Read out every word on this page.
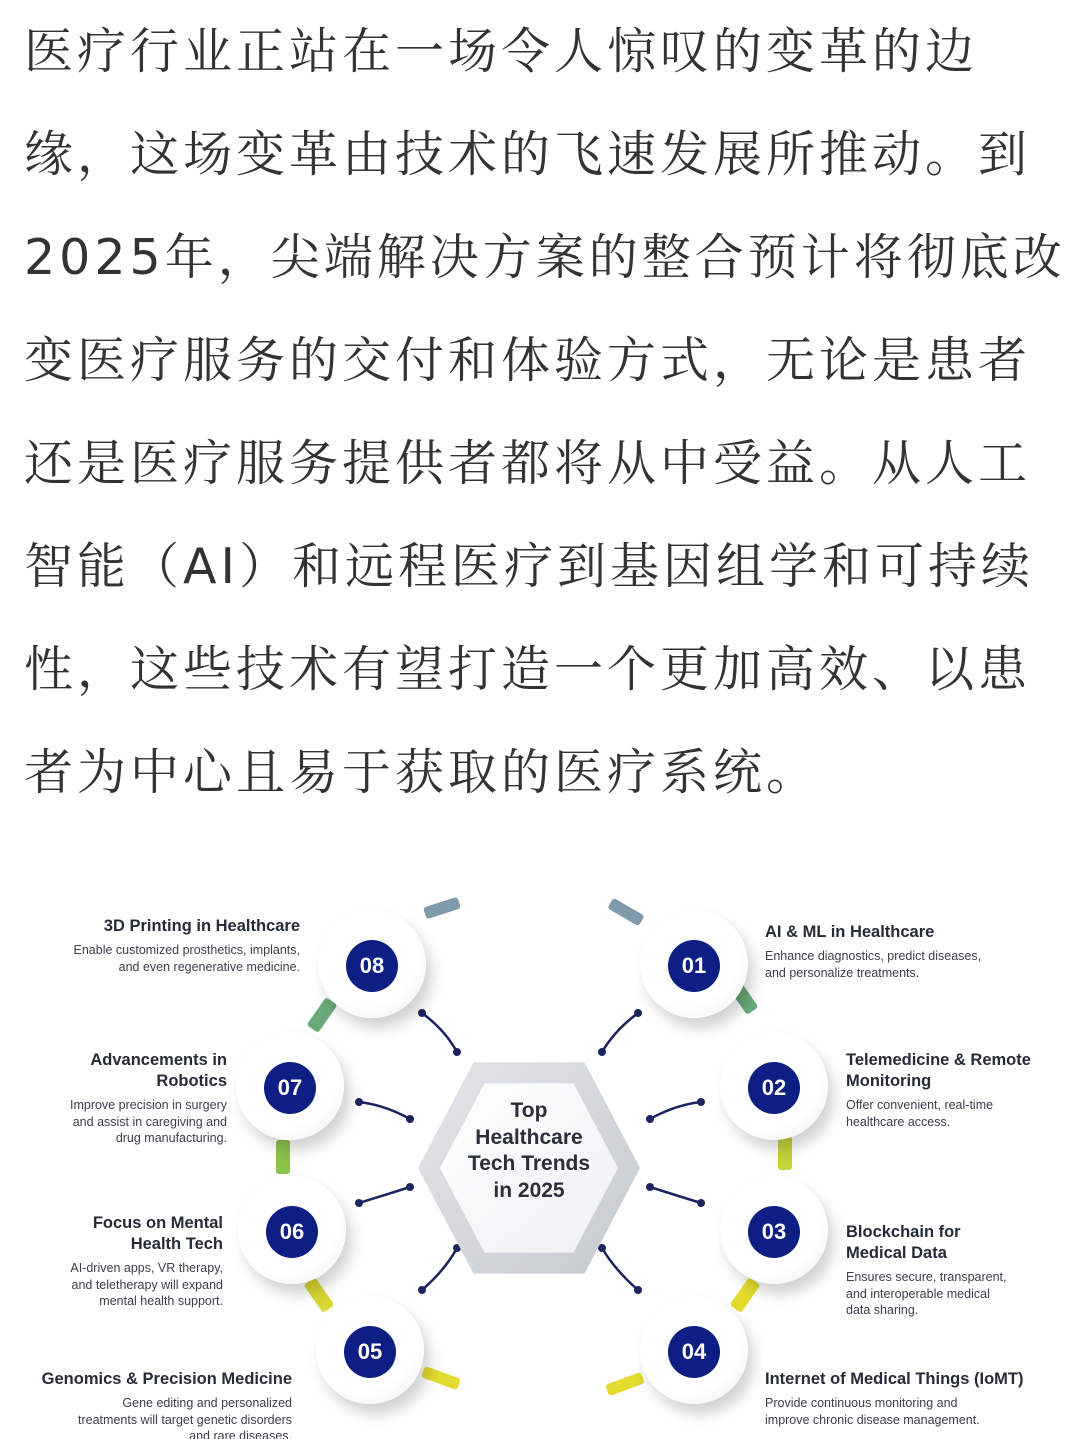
医疗行业正站在一场令人惊叹的变革的边
缘，这场变革由技术的飞速发展所推动。到
2025年，尖端解决方案的整合预计将彻底改
变医疗服务的交付和体验方式，无论是患者
还是医疗服务提供者都将从中受益。从人工
智能（AI）和远程医疗到基因组学和可持续
性，这些技术有望打造一个更加高效、以患
者为中心且易于获取的医疗系统。
Top
Healthcare
Tech Trends
in 2025
08	01
07	02
06	03
05	04
3D Printing in Healthcare
Enable customized prosthetics, implants,
and even regenerative medicine.
Advancements in
Robotics
Improve precision in surgery
and assist in caregiving and
drug manufacturing.
Focus on Mental
Health Tech
AI-driven apps, VR therapy,
and teletherapy will expand
mental health support.
Genomics & Precision Medicine
Gene editing and personalized
treatments will target genetic disorders
and rare diseases.
AI & ML in Healthcare
Enhance diagnostics, predict diseases,
and personalize treatments.
Telemedicine & Remote
Monitoring
Offer convenient, real-time
healthcare access.
Blockchain for
Medical Data
Ensures secure, transparent,
and interoperable medical
data sharing.
Internet of Medical Things (IoMT)
Provide continuous monitoring and
improve chronic disease management.
